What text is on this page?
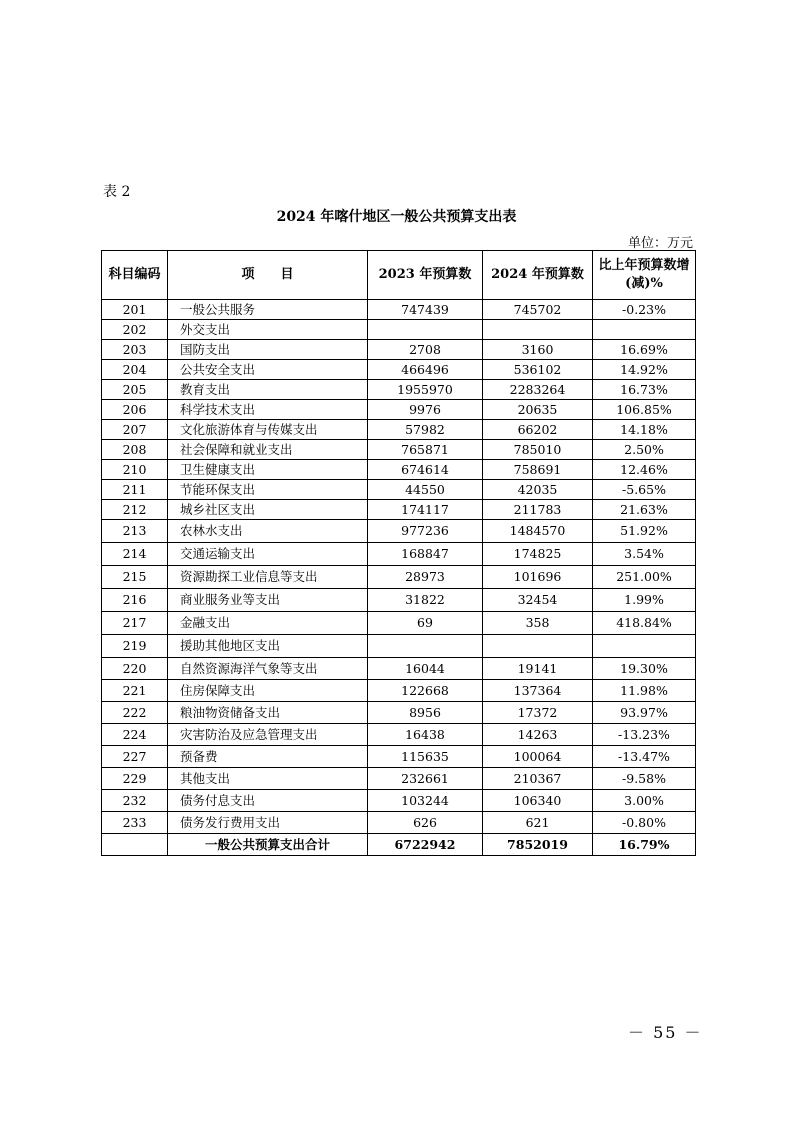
表 2
2024 年喀什地区一般公共预算支出表
单位：万元
科目编码	项　　目	2023 年预算数	2024 年预算数	比上年预算数增(减)%
201	一般公共服务	747439	745702	-0.23%
202	外交支出			
203	国防支出	2708	3160	16.69%
204	公共安全支出	466496	536102	14.92%
205	教育支出	1955970	2283264	16.73%
206	科学技术支出	9976	20635	106.85%
207	文化旅游体育与传媒支出	57982	66202	14.18%
208	社会保障和就业支出	765871	785010	2.50%
210	卫生健康支出	674614	758691	12.46%
211	节能环保支出	44550	42035	-5.65%
212	城乡社区支出	174117	211783	21.63%
213	农林水支出	977236	1484570	51.92%
214	交通运输支出	168847	174825	3.54%
215	资源勘探工业信息等支出	28973	101696	251.00%
216	商业服务业等支出	31822	32454	1.99%
217	金融支出	69	358	418.84%
219	援助其他地区支出			
220	自然资源海洋气象等支出	16044	19141	19.30%
221	住房保障支出	122668	137364	11.98%
222	粮油物资储备支出	8956	17372	93.97%
224	灾害防治及应急管理支出	16438	14263	-13.23%
227	预备费	115635	100064	-13.47%
229	其他支出	232661	210367	-9.58%
232	债务付息支出	103244	106340	3.00%
233	债务发行费用支出	626	621	-0.80%
	一般公共预算支出合计	6722942	7852019	16.79%
－ 55 －
